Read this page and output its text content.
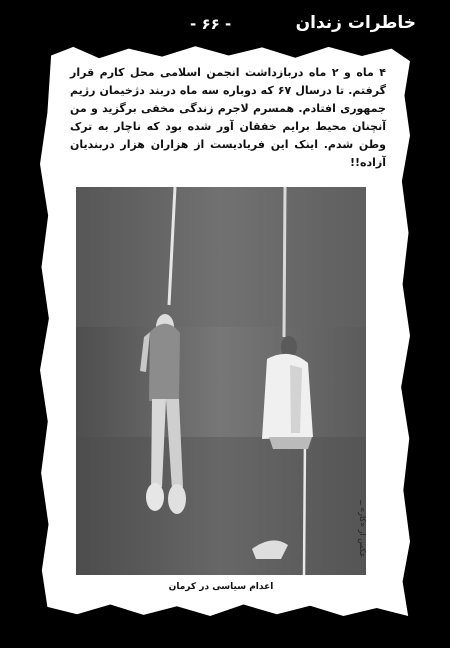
خاطرات زندان
- ۶۶ -

۴ ماه و ۲ ماه دربازداشت انجمن اسلامی محل کارم قرار گرفتم. تا درسال ۶۷ که دوباره سه ماه دربند دژخیمان رژیم جمهوری افتادم. همسرم لاجرم زندگی مخفی برگزید و من آنچنان محیط برایم خفقان آور شده بود که ناچار به ترک وطن شدم. اینک این فریادیست از هزاران هزار دربندیان آزاده!!

عکس از «کار» ــ
اعدام سیاسی در کرمان
